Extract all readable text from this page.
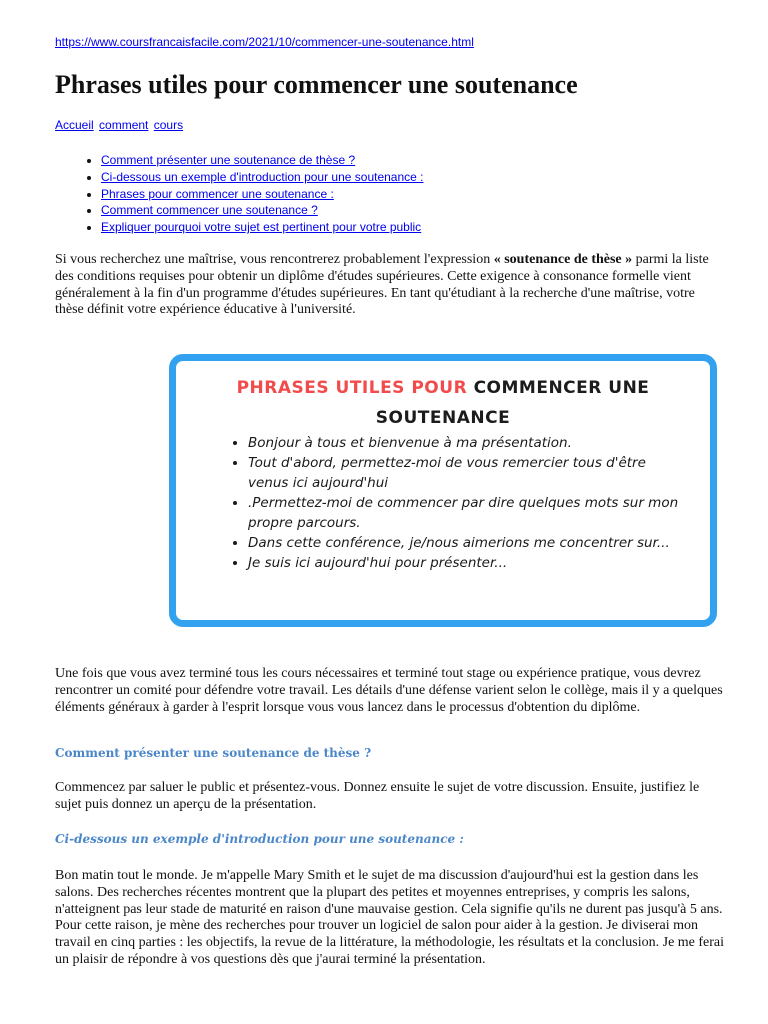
https://www.coursfrancaisfacile.com/2021/10/commencer-une-soutenance.html
Phrases utiles pour commencer une soutenance
Accueil comment cours
• Comment présenter une soutenance de thèse ?
• Ci-dessous un exemple d'introduction pour une soutenance :
• Phrases pour commencer une soutenance :
• Comment commencer une soutenance ?
• Expliquer pourquoi votre sujet est pertinent pour votre public

Si vous recherchez une maîtrise, vous rencontrerez probablement l'expression « soutenance de thèse » parmi la liste des conditions requises pour obtenir un diplôme d'études supérieures. Cette exigence à consonance formelle vient généralement à la fin d'un programme d'études supérieures. En tant qu'étudiant à la recherche d'une maîtrise, votre thèse définit votre expérience éducative à l'université.

PHRASES UTILES POUR COMMENCER UNE SOUTENANCE
• Bonjour à tous et bienvenue à ma présentation.
• Tout d'abord, permettez-moi de vous remercier tous d'être venus ici aujourd'hui
• .Permettez-moi de commencer par dire quelques mots sur mon propre parcours.
• Dans cette conférence, je/nous aimerions me concentrer sur...
• Je suis ici aujourd'hui pour présenter...

Une fois que vous avez terminé tous les cours nécessaires et terminé tout stage ou expérience pratique, vous devrez rencontrer un comité pour défendre votre travail. Les détails d'une défense varient selon le collège, mais il y a quelques éléments généraux à garder à l'esprit lorsque vous vous lancez dans le processus d'obtention du diplôme.

Comment présenter une soutenance de thèse ?

Commencez par saluer le public et présentez-vous. Donnez ensuite le sujet de votre discussion. Ensuite, justifiez le sujet puis donnez un aperçu de la présentation.

Ci-dessous un exemple d'introduction pour une soutenance :

Bon matin tout le monde. Je m'appelle Mary Smith et le sujet de ma discussion d'aujourd'hui est la gestion dans les salons. Des recherches récentes montrent que la plupart des petites et moyennes entreprises, y compris les salons, n'atteignent pas leur stade de maturité en raison d'une mauvaise gestion. Cela signifie qu'ils ne durent pas jusqu'à 5 ans. Pour cette raison, je mène des recherches pour trouver un logiciel de salon pour aider à la gestion. Je diviserai mon travail en cinq parties : les objectifs, la revue de la littérature, la méthodologie, les résultats et la conclusion. Je me ferai un plaisir de répondre à vos questions dès que j'aurai terminé la présentation.
